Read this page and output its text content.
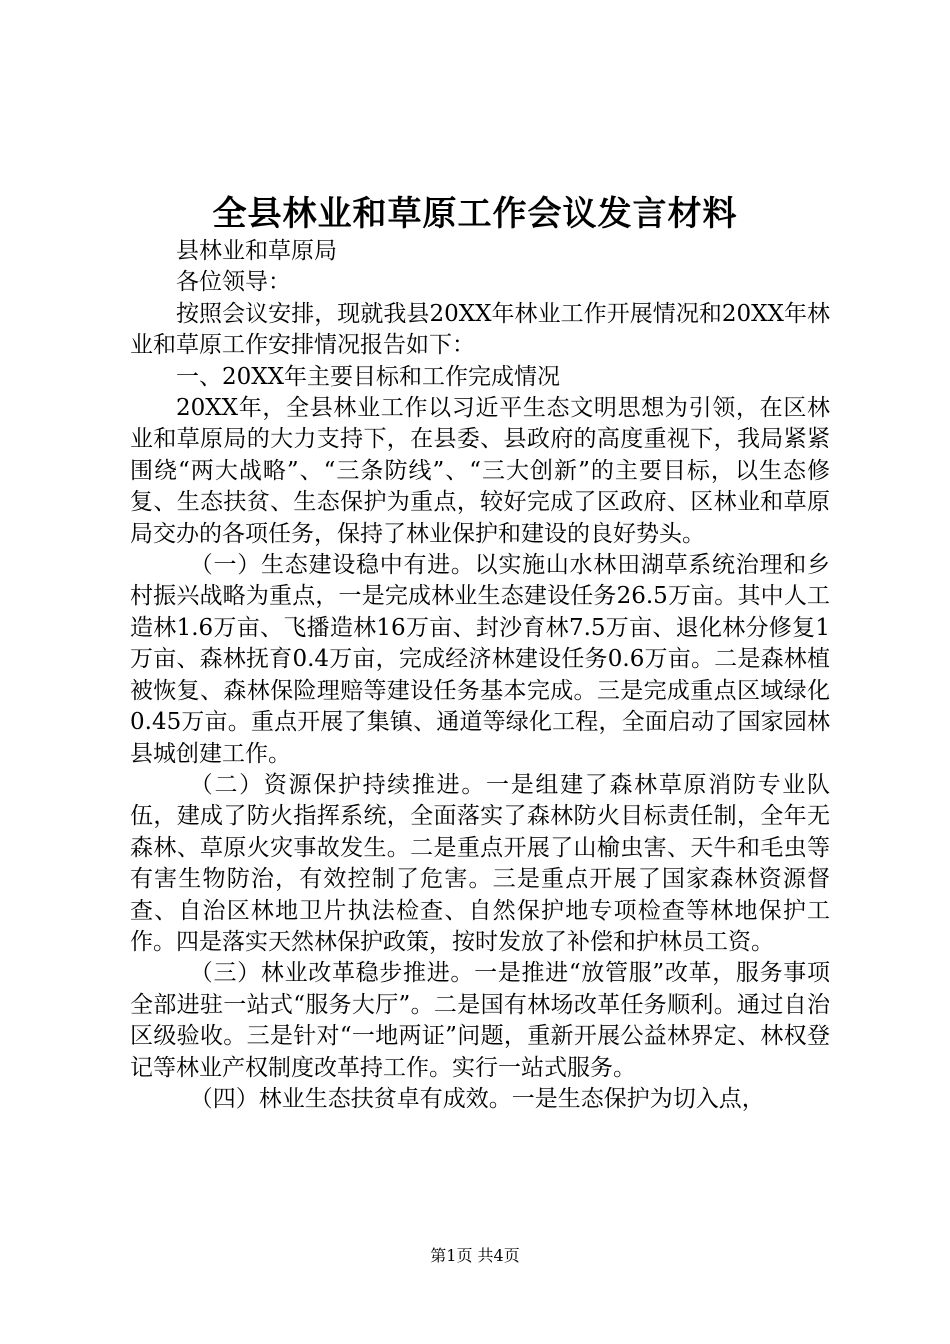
全县林业和草原工作会议发言材料

县林业和草原局

各位领导：

按照会议安排，现就我县20XX年林业工作开展情况和20XX年林业和草原工作安排情况报告如下：

一、20XX年主要目标和工作完成情况

20XX年，全县林业工作以习近平生态文明思想为引领，在区林业和草原局的大力支持下，在县委、县政府的高度重视下，我局紧紧围绕“两大战略”、“三条防线”、“三大创新”的主要目标，以生态修复、生态扶贫、生态保护为重点，较好完成了区政府、区林业和草原局交办的各项任务，保持了林业保护和建设的良好势头。

（一）生态建设稳中有进。以实施山水林田湖草系统治理和乡村振兴战略为重点，一是完成林业生态建设任务26.5万亩。其中人工造林1.6万亩、飞播造林16万亩、封沙育林7.5万亩、退化林分修复1万亩、森林抚育0.4万亩，完成经济林建设任务0.6万亩。二是森林植被恢复、森林保险理赔等建设任务基本完成。三是完成重点区域绿化0.45万亩。重点开展了集镇、通道等绿化工程，全面启动了国家园林县城创建工作。

（二）资源保护持续推进。一是组建了森林草原消防专业队伍，建成了防火指挥系统，全面落实了森林防火目标责任制，全年无森林、草原火灾事故发生。二是重点开展了山榆虫害、天牛和毛虫等有害生物防治，有效控制了危害。三是重点开展了国家森林资源督查、自治区林地卫片执法检查、自然保护地专项检查等林地保护工作。四是落实天然林保护政策，按时发放了补偿和护林员工资。

（三）林业改革稳步推进。一是推进“放管服”改革，服务事项全部进驻一站式“服务大厅”。二是国有林场改革任务顺利。通过自治区级验收。三是针对“一地两证”问题，重新开展公益林界定、林权登记等林业产权制度改革持工作。实行一站式服务。

（四）林业生态扶贫卓有成效。一是生态保护为切入点，

第1页 共4页
